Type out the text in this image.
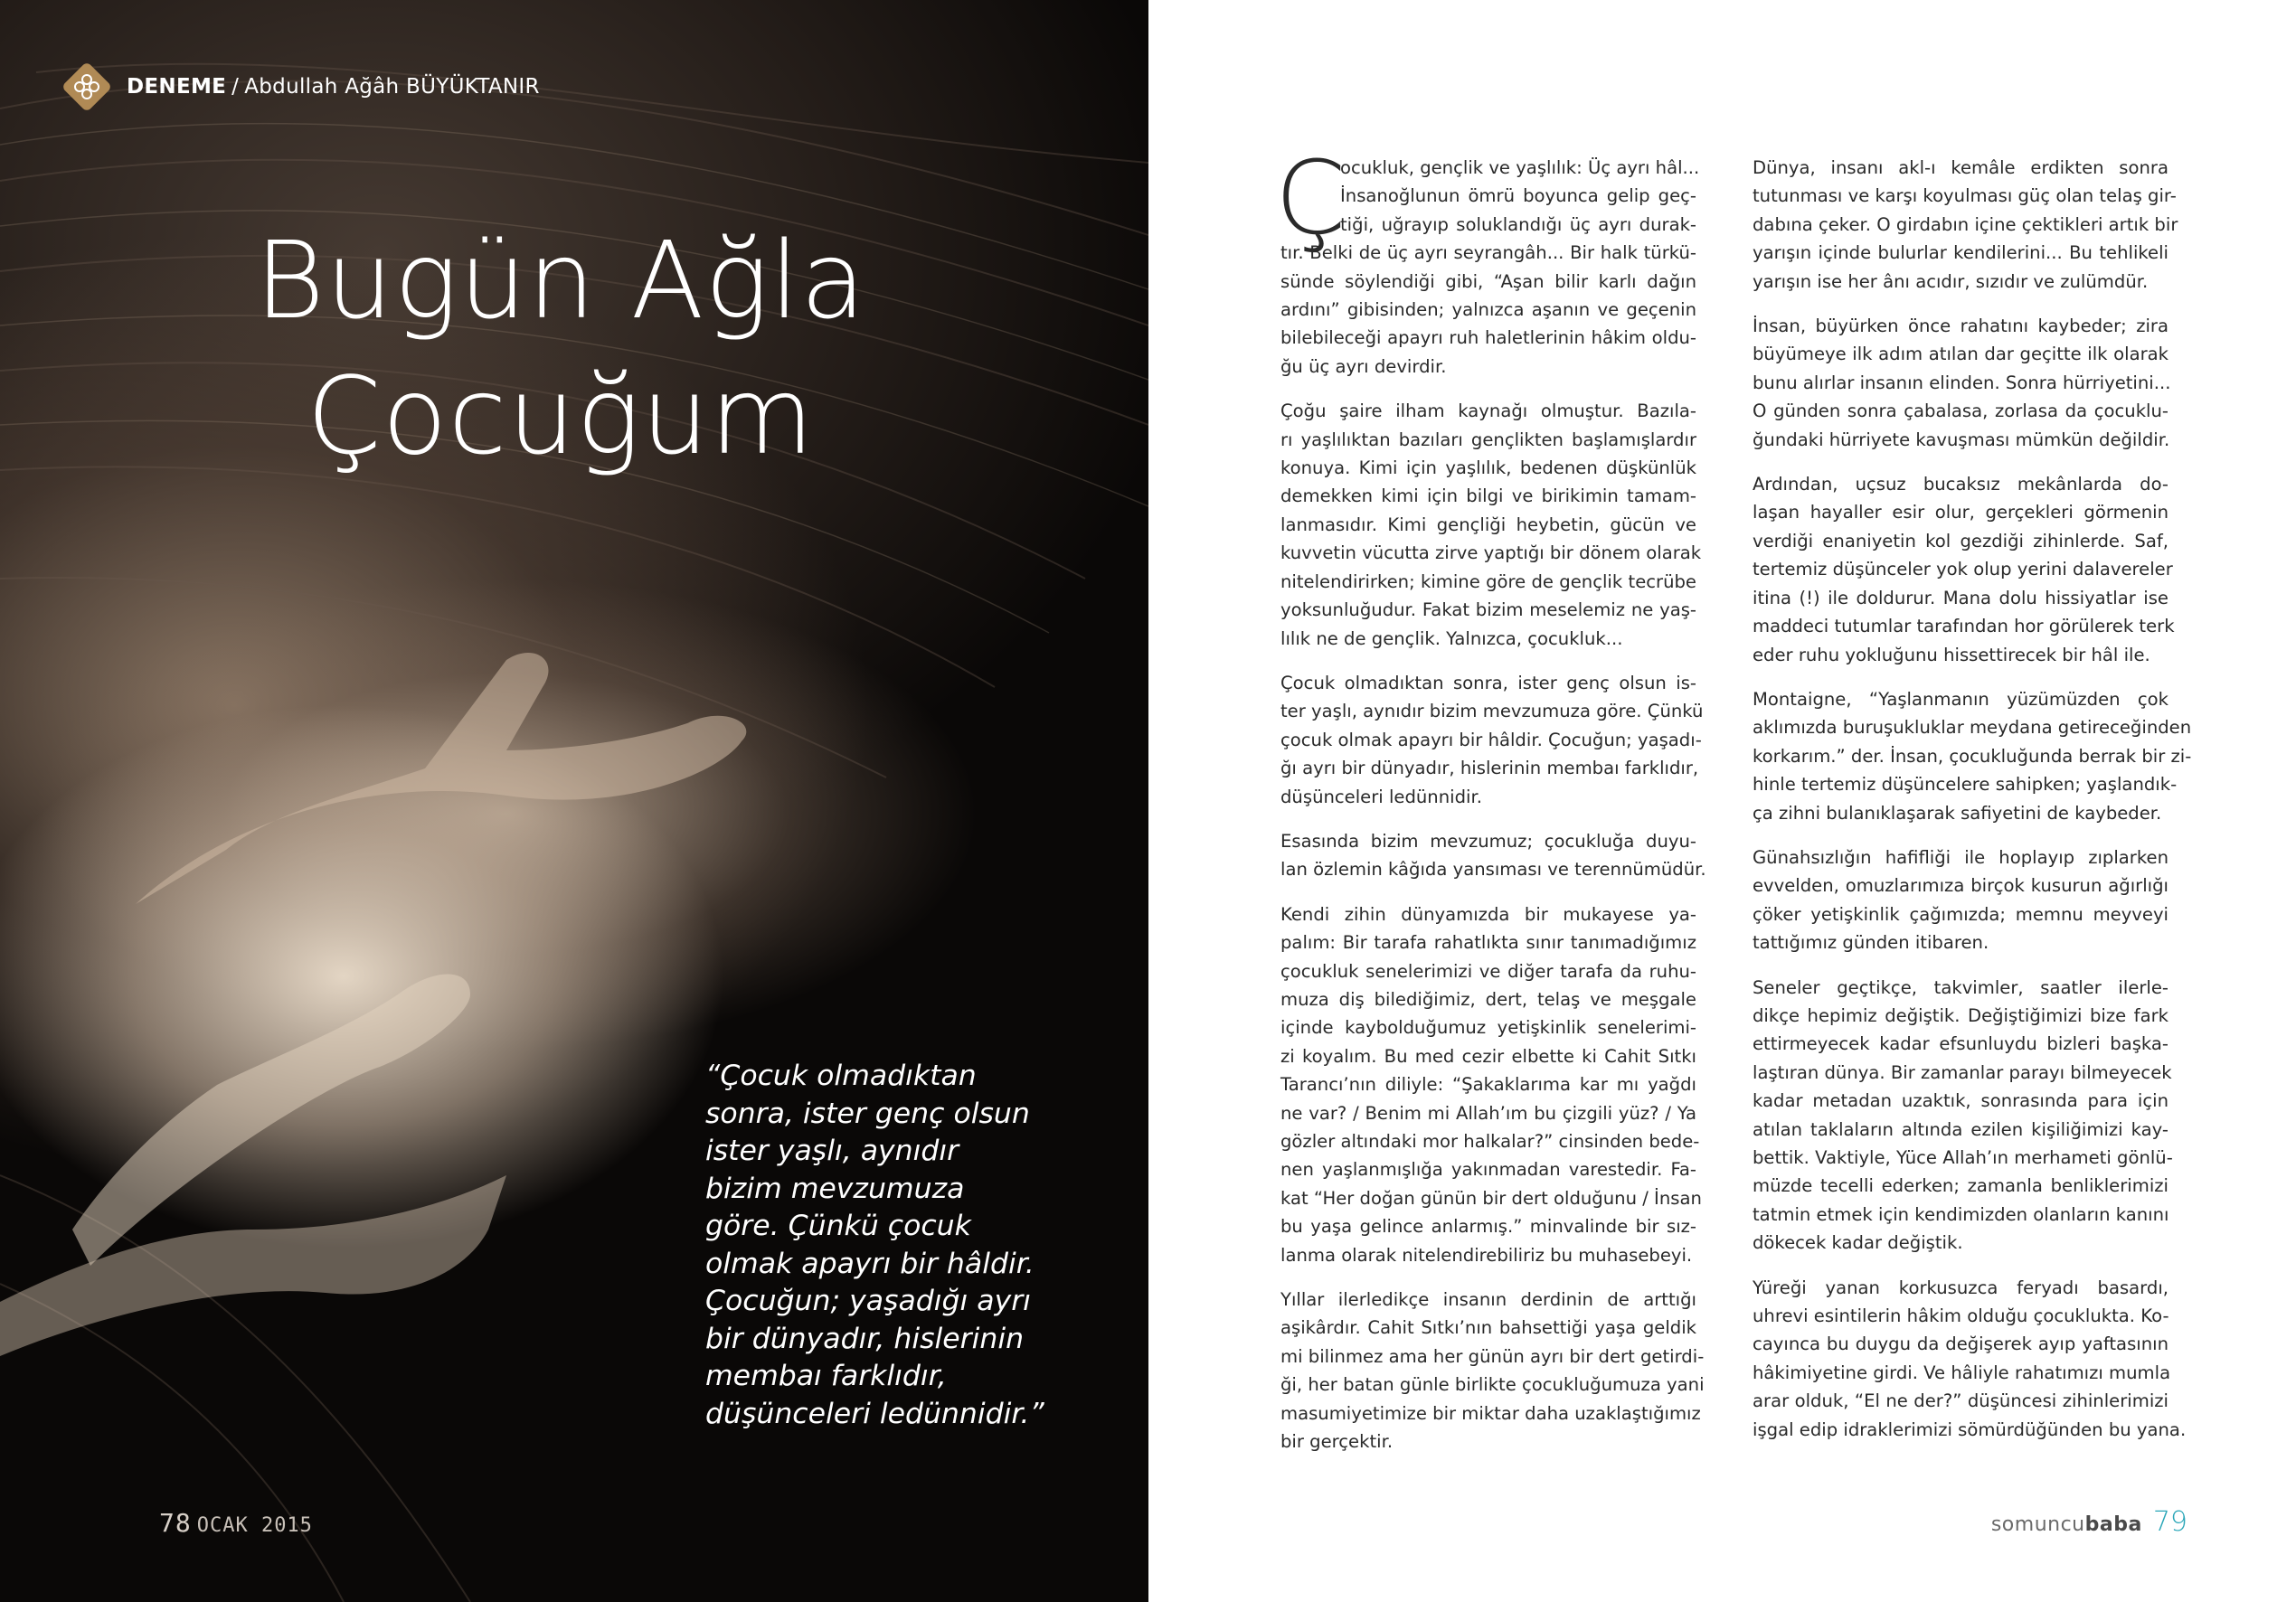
DENEME / Abdullah Ağâh BÜYÜKTANIR
Bugün Ağla
Çocuğum
“Çocuk olmadıktan
sonra, ister genç olsun
ister yaşlı, aynıdır
bizim mevzumuza
göre. Çünkü çocuk
olmak apayrı bir hâldir.
Çocuğun; yaşadığı ayrı
bir dünyadır, hislerinin
membaı farklıdır,
düşünceleri ledünnidir.”
78 OCAK 2015
Ç
ocukluk, gençlik ve yaşlılık: Üç ayrı hâl...
İnsanoğlunun ömrü boyunca gelip geç-
tiği, uğrayıp soluklandığı üç ayrı durak-
tır. Belki de üç ayrı seyrangâh... Bir halk türkü-
sünde söylendiği gibi, “Aşan bilir karlı dağın
ardını” gibisinden; yalnızca aşanın ve geçenin
bilebileceği apayrı ruh haletlerinin hâkim oldu-
ğu üç ayrı devirdir.
Çoğu şaire ilham kaynağı olmuştur. Bazıla-
rı yaşlılıktan bazıları gençlikten başlamışlardır
konuya. Kimi için yaşlılık, bedenen düşkünlük
demekken kimi için bilgi ve birikimin tamam-
lanmasıdır. Kimi gençliği heybetin, gücün ve
kuvvetin vücutta zirve yaptığı bir dönem olarak
nitelendirirken; kimine göre de gençlik tecrübe
yoksunluğudur. Fakat bizim meselemiz ne yaş-
lılık ne de gençlik. Yalnızca, çocukluk...
Çocuk olmadıktan sonra, ister genç olsun is-
ter yaşlı, aynıdır bizim mevzumuza göre. Çünkü
çocuk olmak apayrı bir hâldir. Çocuğun; yaşadı-
ğı ayrı bir dünyadır, hislerinin membaı farklıdır,
düşünceleri ledünnidir.
Esasında bizim mevzumuz; çocukluğa duyu-
lan özlemin kâğıda yansıması ve terennümüdür.
Kendi zihin dünyamızda bir mukayese ya-
palım: Bir tarafa rahatlıkta sınır tanımadığımız
çocukluk senelerimizi ve diğer tarafa da ruhu-
muza diş bilediğimiz, dert, telaş ve meşgale
içinde kaybolduğumuz yetişkinlik senelerimi-
zi koyalım. Bu med cezir elbette ki Cahit Sıtkı
Tarancı’nın diliyle: “Şakaklarıma kar mı yağdı
ne var? / Benim mi Allah’ım bu çizgili yüz? / Ya
gözler altındaki mor halkalar?” cinsinden bede-
nen yaşlanmışlığa yakınmadan varestedir. Fa-
kat “Her doğan günün bir dert olduğunu / İnsan
bu yaşa gelince anlarmış.” minvalinde bir sız-
lanma olarak nitelendirebiliriz bu muhasebeyi.
Yıllar ilerledikçe insanın derdinin de arttığı
aşikârdır. Cahit Sıtkı’nın bahsettiği yaşa geldik
mi bilinmez ama her günün ayrı bir dert getirdi-
ği, her batan günle birlikte çocukluğumuza yani
masumiyetimize bir miktar daha uzaklaştığımız
bir gerçektir.
Dünya, insanı akl-ı kemâle erdikten sonra
tutunması ve karşı koyulması güç olan telaş gir-
dabına çeker. O girdabın içine çektikleri artık bir
yarışın içinde bulurlar kendilerini... Bu tehlikeli
yarışın ise her ânı acıdır, sızıdır ve zulümdür.
İnsan, büyürken önce rahatını kaybeder; zira
büyümeye ilk adım atılan dar geçitte ilk olarak
bunu alırlar insanın elinden. Sonra hürriyetini...
O günden sonra çabalasa, zorlasa da çocuklu-
ğundaki hürriyete kavuşması mümkün değildir.
Ardından, uçsuz bucaksız mekânlarda do-
laşan hayaller esir olur, gerçekleri görmenin
verdiği enaniyetin kol gezdiği zihinlerde. Saf,
tertemiz düşünceler yok olup yerini dalavereler
itina (!) ile doldurur. Mana dolu hissiyatlar ise
maddeci tutumlar tarafından hor görülerek terk
eder ruhu yokluğunu hissettirecek bir hâl ile.
Montaigne, “Yaşlanmanın yüzümüzden çok
aklımızda buruşukluklar meydana getireceğinden
korkarım.” der. İnsan, çocukluğunda berrak bir zi-
hinle tertemiz düşüncelere sahipken; yaşlandık-
ça zihni bulanıklaşarak safiyetini de kaybeder.
Günahsızlığın hafifliği ile hoplayıp zıplarken
evvelden, omuzlarımıza birçok kusurun ağırlığı
çöker yetişkinlik çağımızda; memnu meyveyi
tattığımız günden itibaren.
Seneler geçtikçe, takvimler, saatler ilerle-
dikçe hepimiz değiştik. Değiştiğimizi bize fark
ettirmeyecek kadar efsunluydu bizleri başka-
laştıran dünya. Bir zamanlar parayı bilmeyecek
kadar metadan uzaktık, sonrasında para için
atılan taklaların altında ezilen kişiliğimizi kay-
bettik. Vaktiyle, Yüce Allah’ın merhameti gönlü-
müzde tecelli ederken; zamanla benliklerimizi
tatmin etmek için kendimizden olanların kanını
dökecek kadar değiştik.
Yüreği yanan korkusuzca feryadı basardı,
uhrevi esintilerin hâkim olduğu çocuklukta. Ko-
cayınca bu duygu da değişerek ayıp yaftasının
hâkimiyetine girdi. Ve hâliyle rahatımızı mumla
arar olduk, “El ne der?” düşüncesi zihinlerimizi
işgal edip idraklerimizi sömürdüğünden bu yana.
somuncubaba 79
